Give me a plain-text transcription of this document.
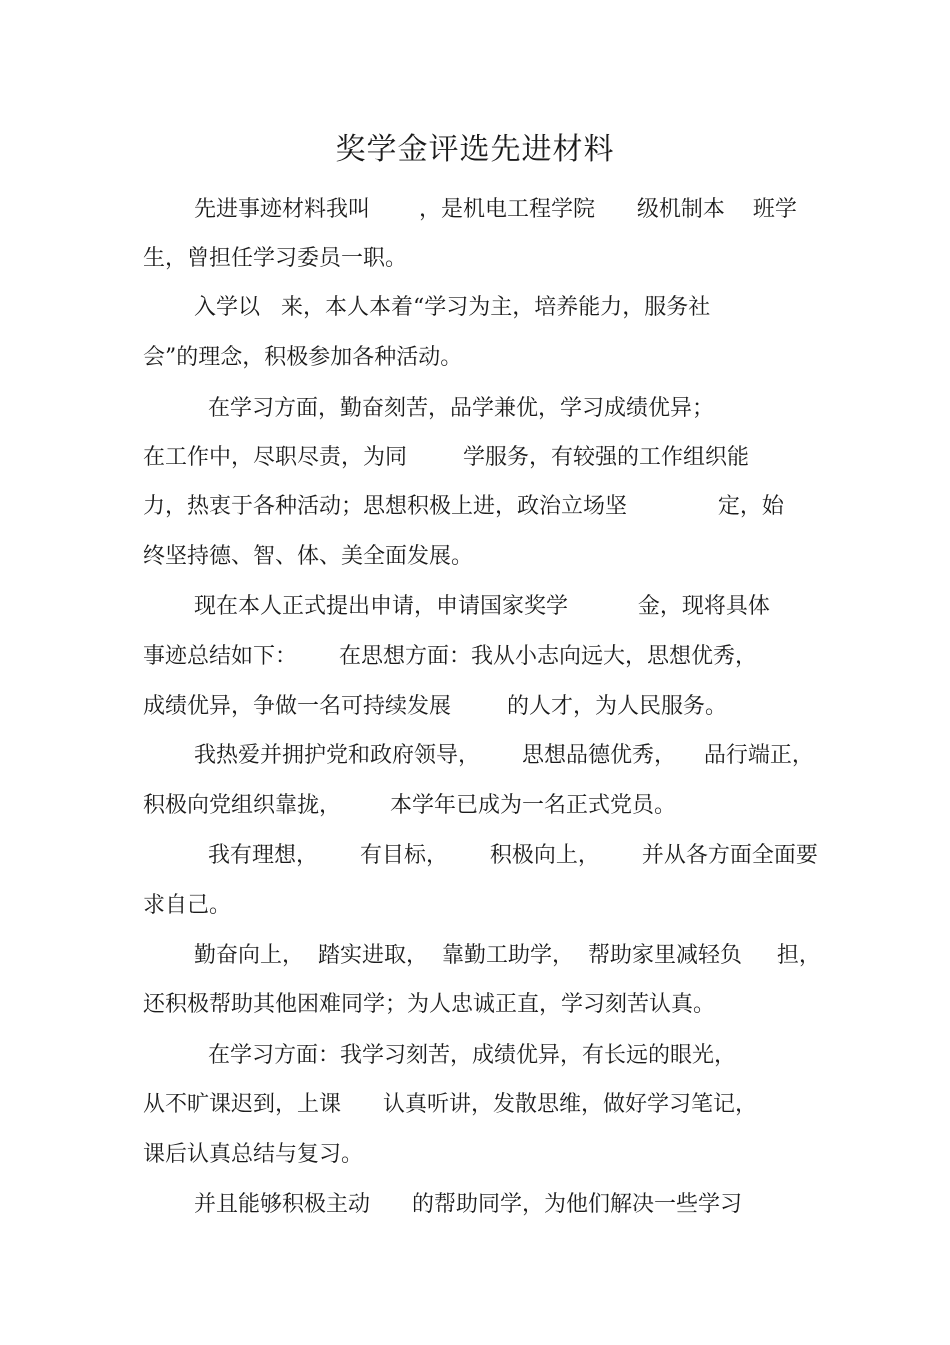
奖学金评选先进材料

先进事迹材料我叫       ，是机电工程学院      级机制本    班学

生，曾担任学习委员一职。

入学以   来，本人本着“学习为主，培养能力，服务社

会”的理念，积极参加各种活动。

在学习方面，勤奋刻苦，品学兼优，学习成绩优异；

在工作中，尽职尽责，为同        学服务，有较强的工作组织能

力，热衷于各种活动；思想积极上进，政治立场坚             定，始

终坚持德、智、体、美全面发展。

现在本人正式提出申请，申请国家奖学          金，现将具体

事迹总结如下：      在思想方面：我从小志向远大，思想优秀，

成绩优异，争做一名可持续发展        的人才，为人民服务。

我热爱并拥护党和政府领导，      思想品德优秀，    品行端正，

积极向党组织靠拢，       本学年已成为一名正式党员。

我有理想，      有目标，      积极向上，      并从各方面全面要

求自己。

勤奋向上，  踏实进取，  靠勤工助学，  帮助家里减轻负     担，

还积极帮助其他困难同学；为人忠诚正直，学习刻苦认真。

在学习方面：我学习刻苦，成绩优异，有长远的眼光，

从不旷课迟到，上课      认真听讲，发散思维，做好学习笔记，

课后认真总结与复习。

并且能够积极主动      的帮助同学，为他们解决一些学习
